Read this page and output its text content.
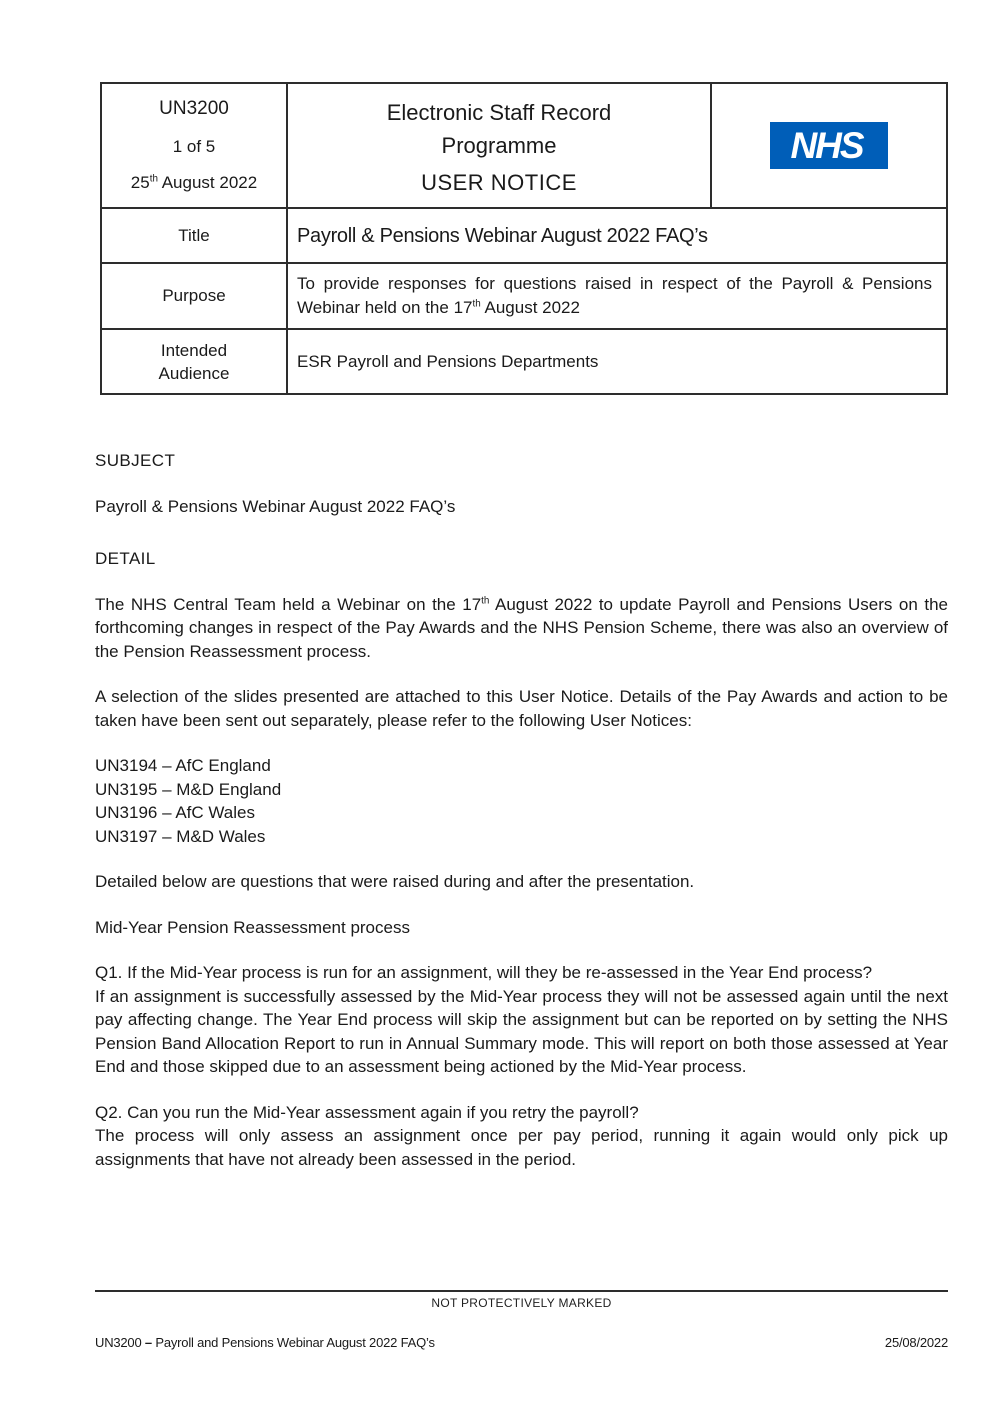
UN3200
1 of 5
25th August 2022

Electronic Staff Record
Programme
USER NOTICE

NHS

Title	Payroll & Pensions Webinar August 2022 FAQ’s	
Purpose	To provide responses for questions raised in respect of the Payroll & Pensions Webinar held on the 17th August 2022	
Intended Audience	ESR Payroll and Pensions Departments	
SUBJECT
Payroll & Pensions Webinar August 2022 FAQ’s
DETAIL
The NHS Central Team held a Webinar on the 17th August 2022 to update Payroll and Pensions Users on the forthcoming changes in respect of the Pay Awards and the NHS Pension Scheme, there was also an overview of the Pension Reassessment process.
A selection of the slides presented are attached to this User Notice. Details of the Pay Awards and action to be taken have been sent out separately, please refer to the following User Notices:
UN3194 – AfC England
UN3195 – M&D England
UN3196 – AfC Wales
UN3197 – M&D Wales
Detailed below are questions that were raised during and after the presentation.
Mid-Year Pension Reassessment process
Q1. If the Mid-Year process is run for an assignment, will they be re-assessed in the Year End process?
If an assignment is successfully assessed by the Mid-Year process they will not be assessed again until the next pay affecting change. The Year End process will skip the assignment but can be reported on by setting the NHS Pension Band Allocation Report to run in Annual Summary mode. This will report on both those assessed at Year End and those skipped due to an assessment being actioned by the Mid-Year process.
Q2. Can you run the Mid-Year assessment again if you retry the payroll?
The process will only assess an assignment once per pay period, running it again would only pick up assignments that have not already been assessed in the period.
NOT PROTECTIVELY MARKED
UN3200 – Payroll and Pensions Webinar August 2022 FAQ’s	25/08/2022
